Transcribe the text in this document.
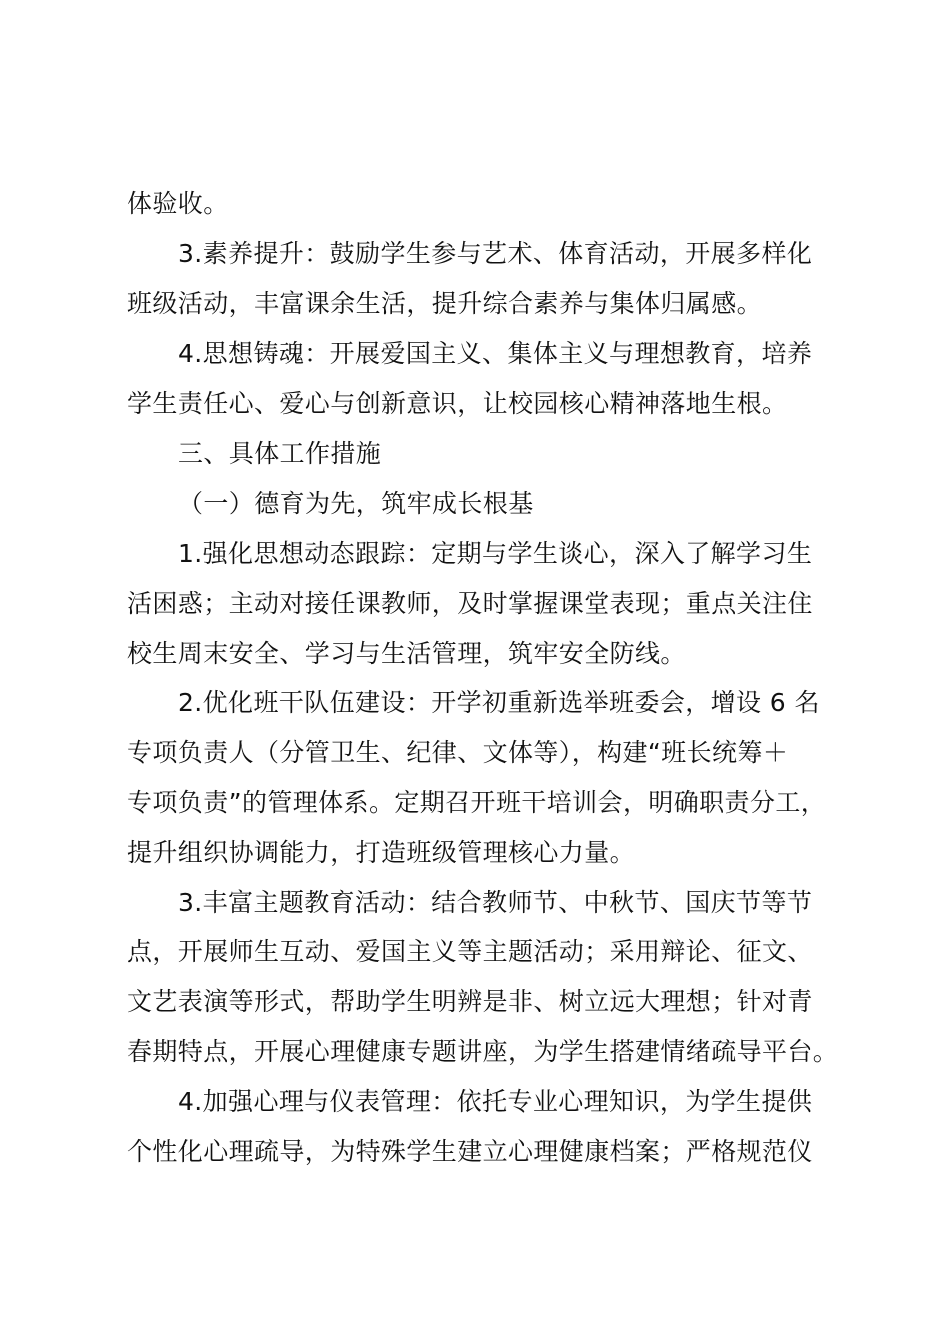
体验收。
3.素养提升：鼓励学生参与艺术、体育活动，开展多样化
班级活动，丰富课余生活，提升综合素养与集体归属感。
4.思想铸魂：开展爱国主义、集体主义与理想教育，培养
学生责任心、爱心与创新意识，让校园核心精神落地生根。
三、具体工作措施
（一）德育为先，筑牢成长根基
1.强化思想动态跟踪：定期与学生谈心，深入了解学习生
活困惑；主动对接任课教师，及时掌握课堂表现；重点关注住
校生周末安全、学习与生活管理，筑牢安全防线。
2.优化班干队伍建设：开学初重新选举班委会，增设 6 名
专项负责人（分管卫生、纪律、文体等），构建“班长统筹＋
专项负责”的管理体系。定期召开班干培训会，明确职责分工，
提升组织协调能力，打造班级管理核心力量。
3.丰富主题教育活动：结合教师节、中秋节、国庆节等节
点，开展师生互动、爱国主义等主题活动；采用辩论、征文、
文艺表演等形式，帮助学生明辨是非、树立远大理想；针对青
春期特点，开展心理健康专题讲座，为学生搭建情绪疏导平台。
4.加强心理与仪表管理：依托专业心理知识，为学生提供
个性化心理疏导，为特殊学生建立心理健康档案；严格规范仪
